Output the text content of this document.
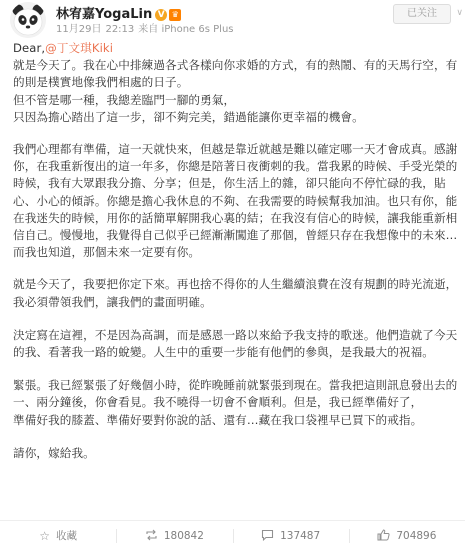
林宥嘉YogaLin V ♛
11月29日 22:13 来自 iPhone 6s Plus
已关注	∨

Dear,@丁文琪Kiki

就是今天了。我在心中排練過各式各樣向你求婚的方式，有的熱鬧、有的天馬行空，有的則是樸實地像我們相處的日子。
但不管是哪一種，我總差臨門一腳的勇氣，
只因為擔心踏出了這一步，卻不夠完美，錯過能讓你更幸福的機會。

我們心理都有準備，這一天就快來，但越是靠近就越是難以確定哪一天才會成真。感謝你，在我重新復出的這一年多，你總是陪著日夜衝刺的我。當我累的時候、手受光榮的時候，我有大眾跟我分擔、分享；但是，你生活上的雜，卻只能向不停忙碌的我，貼心、小心的傾訴。你總是擔心我休息的不夠、在我需要的時候幫我加油。也只有你，能在我迷失的時候，用你的話簡單解開我心裏的結；在我沒有信心的時候，讓我能重新相信自己。慢慢地，我覺得自己似乎已經漸漸闖進了那個，曾經只存在我想像中的未來…而我也知道，那個未來一定要有你。

就是今天了，我要把你定下來。再也捨不得你的人生繼續浪費在沒有規劃的時光流逝，我必須帶領我們，讓我們的畫面明確。

決定寫在這裡，不是因為高調，而是感恩一路以來給予我支持的歌迷。他們造就了今天的我、看著我一路的蛻變。人生中的重要一步能有他們的參與，是我最大的祝福。

緊張。我已經緊張了好幾個小時，從昨晚睡前就緊張到現在。當我把這則訊息發出去的一、兩分鐘後，你會看見。我不曉得一切會不會順利。但是，我已經準備好了，
準備好我的膝蓋、準備好要對你說的話、還有…藏在我口袋裡早已買下的戒指。

請你，嫁給我。

☆ 收藏	180842	137487	704896
